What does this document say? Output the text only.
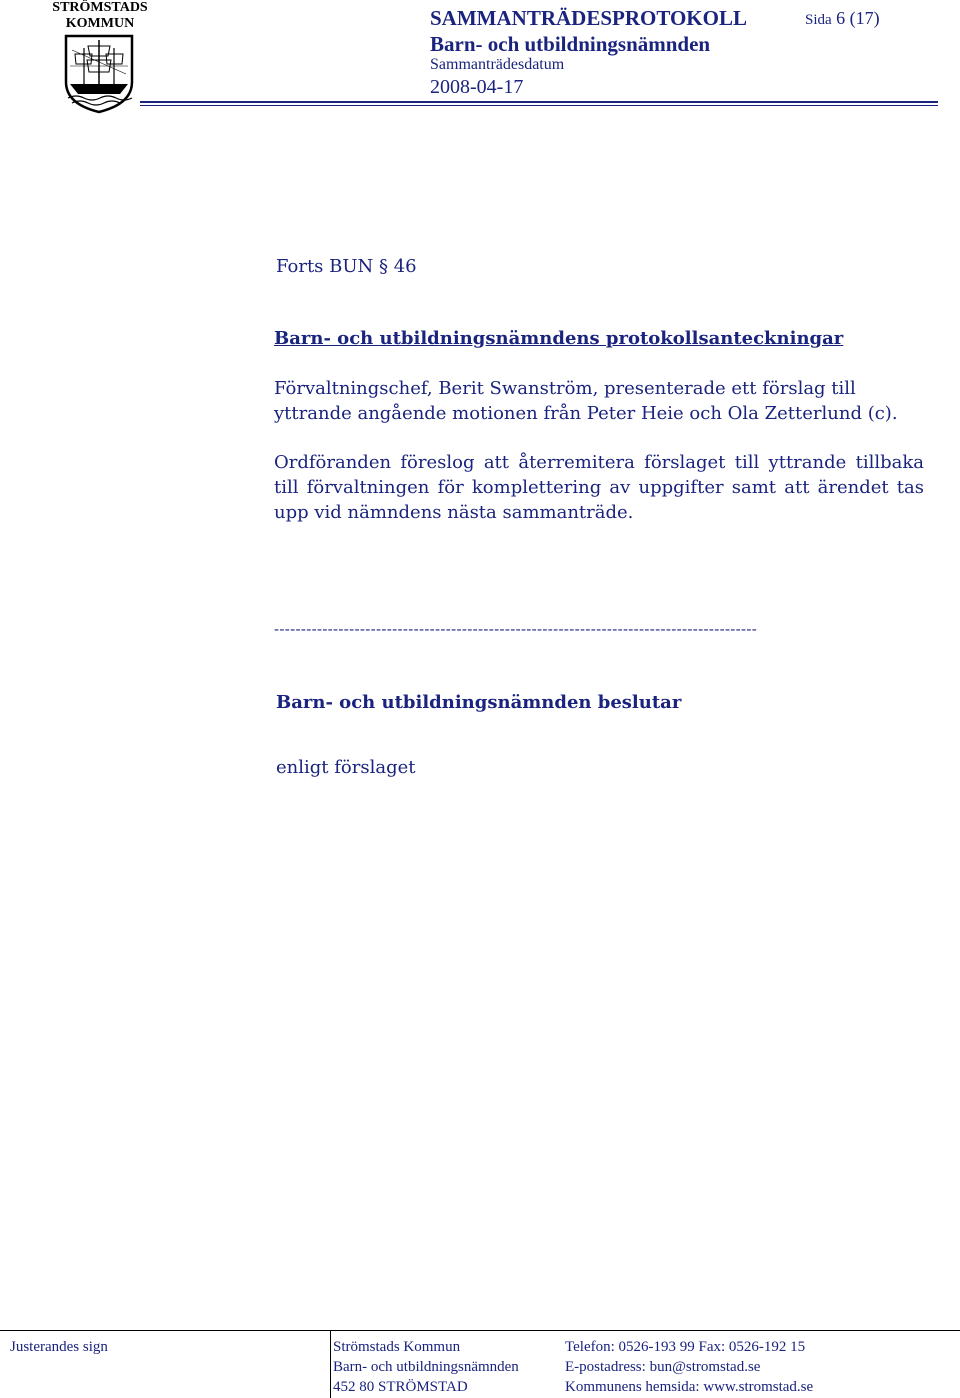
STRÖMSTADS
KOMMUN	SAMMANTRÄDESPROTOKOLL
Barn- och utbildningsnämnden
Sammanträdesdatum
2008-04-17
Sida 6 (17)
Forts BUN § 46
Barn- och utbildningsnämndens protokollsanteckningar
Förvaltningschef, Berit Swanström, presenterade ett förslag till yttrande angående motionen från Peter Heie och Ola Zetterlund (c).
Ordföranden föreslog att återremitera förslaget till yttrande tillbaka till förvaltningen för komplettering av uppgifter samt att ärendet tas upp vid nämndens nästa sammanträde.
------------------------------------------------------------------------------------------
Barn- och utbildningsnämnden beslutar
enligt förslaget
Justerandes sign	Strömstads Kommun
Barn- och utbildningsnämnden
452 80 STRÖMSTAD
Telefon: 0526-193 99 Fax: 0526-192 15
E-postadress: bun@stromstad.se
Kommunens hemsida: www.stromstad.se
